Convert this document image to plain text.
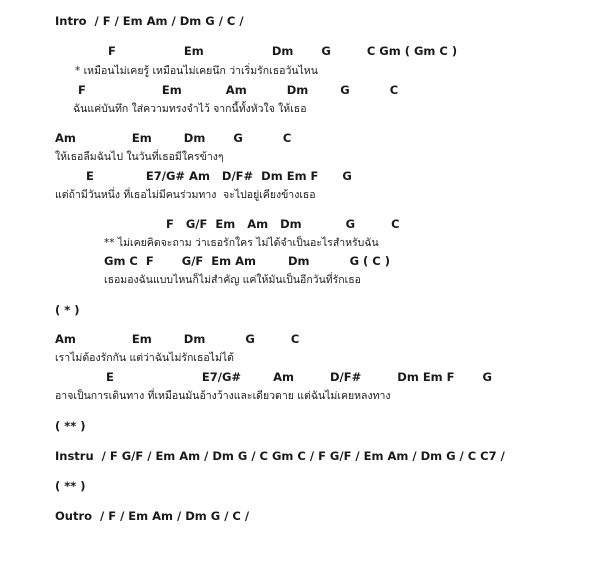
Intro  / F / Em Am / Dm G / C /
F                 Em                 Dm       G         C Gm ( Gm C )
* เหมือนไม่เคยรู้ เหมือนไม่เคยนึก ว่าเริ่มรักเธอวันไหน
F                   Em           Am          Dm        G          C
ฉันแค่บันทึก ใส่ความทรงจำไว้ จากนี้ทั้งหัวใจ ให้เธอ
Am              Em        Dm       G          C
ให้เธอลืมฉันไป ในวันที่เธอมีใครข้างๆ
E             E7/G# Am   D/F#  Dm Em F      G
แต่ถ้ามีวันหนึ่ง ที่เธอไม่มีคนร่วมทาง  จะไปอยู่เคียงข้างเธอ
F   G/F  Em   Am   Dm           G         C
** ไม่เคยคิดจะถาม ว่าเธอรักใคร ไม่ได้จำเป็นอะไรสำหรับฉัน
Gm C  F       G/F  Em Am        Dm          G ( C )
เธอมองฉันแบบไหนก็ไม่สำคัญ แค่ให้มันเป็นอีกวันที่รักเธอ
( * )
Am              Em        Dm          G         C
เราไม่ต้องรักกัน แต่ว่าฉันไม่รักเธอไม่ได้
E                      E7/G#        Am         D/F#         Dm Em F       G
อาจเป็นการเดินทาง ที่เหมือนมันอ้างว้างและเดียวดาย แต่ฉันไม่เคยหลงทาง
( ** )
Instru  / F G/F / Em Am / Dm G / C Gm C / F G/F / Em Am / Dm G / C C7 /
( ** )
Outro  / F / Em Am / Dm G / C /
